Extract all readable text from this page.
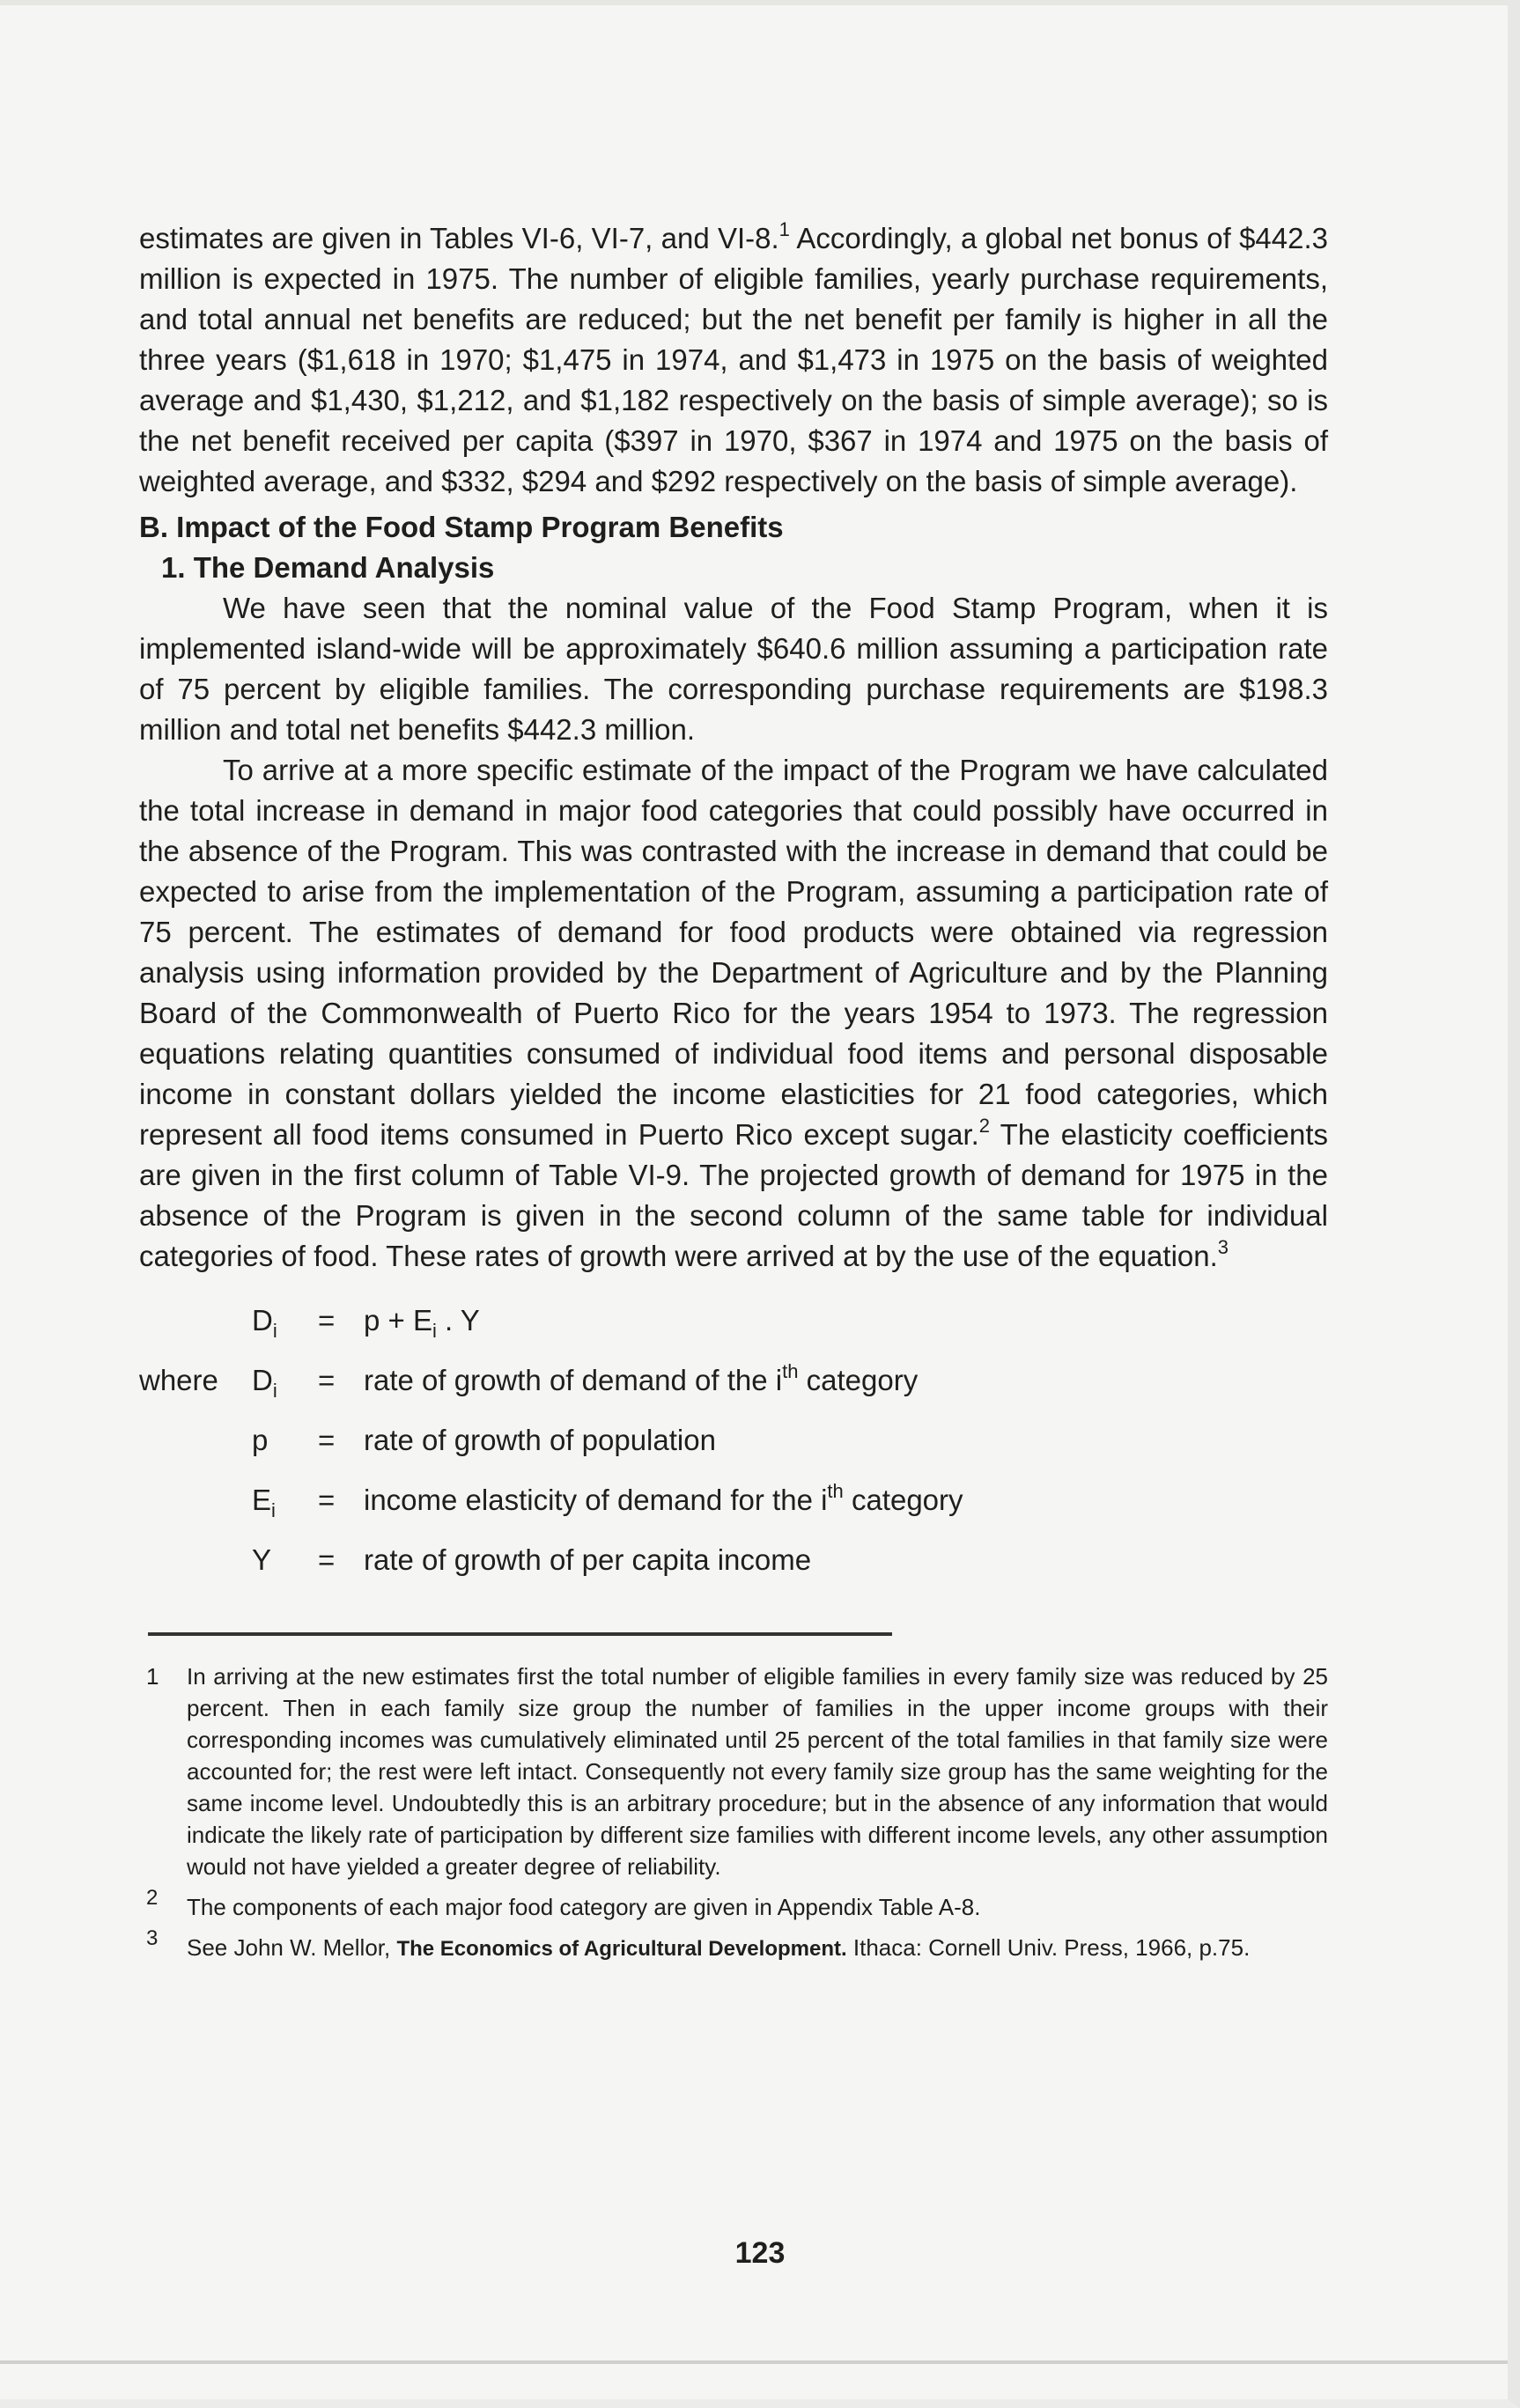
estimates are given in Tables VI-6, VI-7, and VI-8.$^1$ Accordingly, a global net bonus of $442.3 million is expected in 1975. The number of eligible families, yearly purchase requirements, and total annual net benefits are reduced; but the net benefit per family is higher in all the three years ($1,618 in 1970; $1,475 in 1974, and $1,473 in 1975 on the basis of weighted average and $1,430, $1,212, and $1,182 respectively on the basis of simple average); so is the net benefit received per capita ($397 in 1970, $367 in 1974 and 1975 on the basis of weighted average, and $332, $294 and $292 respectively on the basis of simple average).

B. Impact of the Food Stamp Program Benefits

1. The Demand Analysis

We have seen that the nominal value of the Food Stamp Program, when it is implemented island-wide will be approximately $640.6 million assuming a participation rate of 75 percent by eligible families. The corresponding purchase requirements are $198.3 million and total net benefits $442.3 million.

To arrive at a more specific estimate of the impact of the Program we have calculated the total increase in demand in major food categories that could possibly have occurred in the absence of the Program. This was contrasted with the increase in demand that could be expected to arise from the implementation of the Program, assuming a participation rate of 75 percent. The estimates of demand for food products were obtained via regression analysis using information provided by the Department of Agriculture and by the Planning Board of the Commonwealth of Puerto Rico for the years 1954 to 1973. The regression equations relating quantities consumed of individual food items and personal disposable income in constant dollars yielded the income elasticities for 21 food categories, which represent all food items consumed in Puerto Rico except sugar.$^2$ The elasticity coefficients are given in the first column of Table VI-9. The projected growth of demand for 1975 in the absence of the Program is given in the second column of the same table for individual categories of food. These rates of growth were arrived at by the use of the equation.$^3$

$D_i$	= $p + E_i$ . Y
where	$D_i$	= rate of growth of demand of the $i^{th}$ category
p	= rate of growth of population
$E_i$	= income elasticity of demand for the $i^{th}$ category
Y	= rate of growth of per capita income
1	In arriving at the new estimates first the total number of eligible families in every family size was reduced by 25 percent. Then in each family size group the number of families in the upper income groups with their corresponding incomes was cumulatively eliminated until 25 percent of the total families in that family size were accounted for; the rest were left intact. Consequently not every family size group has the same weighting for the same income level. Undoubtedly this is an arbitrary procedure; but in the absence of any information that would indicate the likely rate of participation by different size families with different income levels, any other assumption would not have yielded a greater degree of reliability.
2	The components of each major food category are given in Appendix Table A-8.
3	See John W. Mellor, The Economics of Agricultural Development. Ithaca: Cornell Univ. Press, 1966, p.75.
123
